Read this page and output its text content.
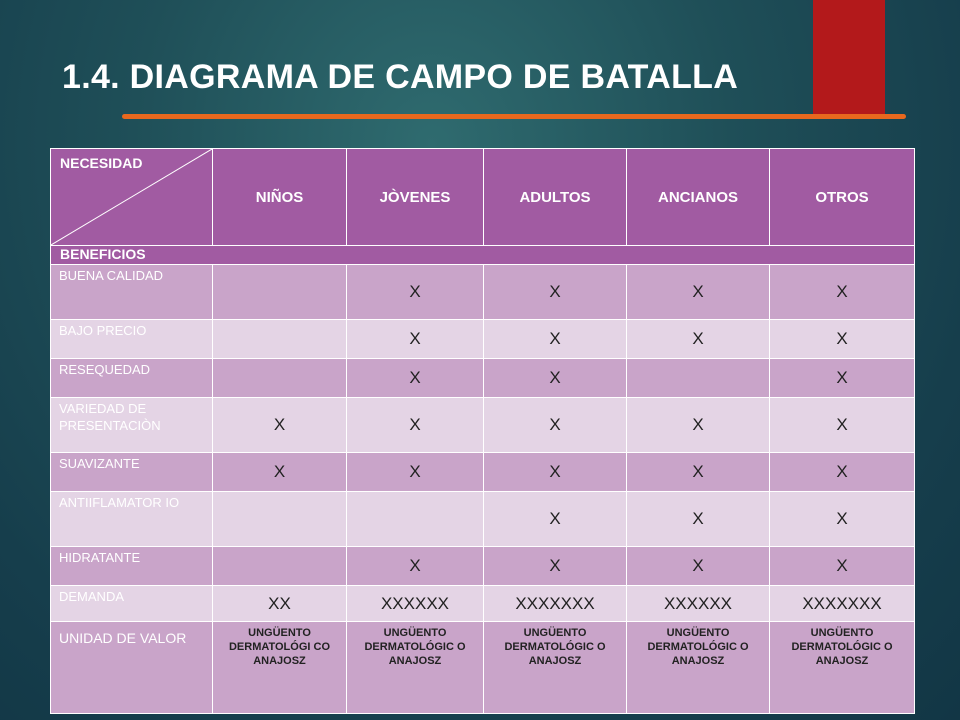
1.4. DIAGRAMA DE CAMPO DE BATALLA
NECESIDAD	NIÑOS	JÒVENES	ADULTOS	ANCIANOS	OTROS

BENEFICIOS					

BUENA CALIDAD		X	X	X	X
BAJO PRECIO		X	X	X	X
RESEQUEDAD		X	X		X
VARIEDAD DE PRESENTACIÒN	X	X	X	X	X
SUAVIZANTE	X	X	X	X	X
ANTIIFLAMATOR IO			X	X	X
HIDRATANTE		X	X	X	X
DEMANDA	XX	XXXXXX	XXXXXXX	XXXXXX	XXXXXXX
UNIDAD DE VALOR	UNGÜENTO DERMATOLÓGI CO ANAJOSZ	UNGÜENTO DERMATOLÓGIC O ANAJOSZ	UNGÜENTO DERMATOLÓGIC O ANAJOSZ	UNGÜENTO DERMATOLÓGIC O ANAJOSZ	UNGÜENTO DERMATOLÓGIC O ANAJOSZ
